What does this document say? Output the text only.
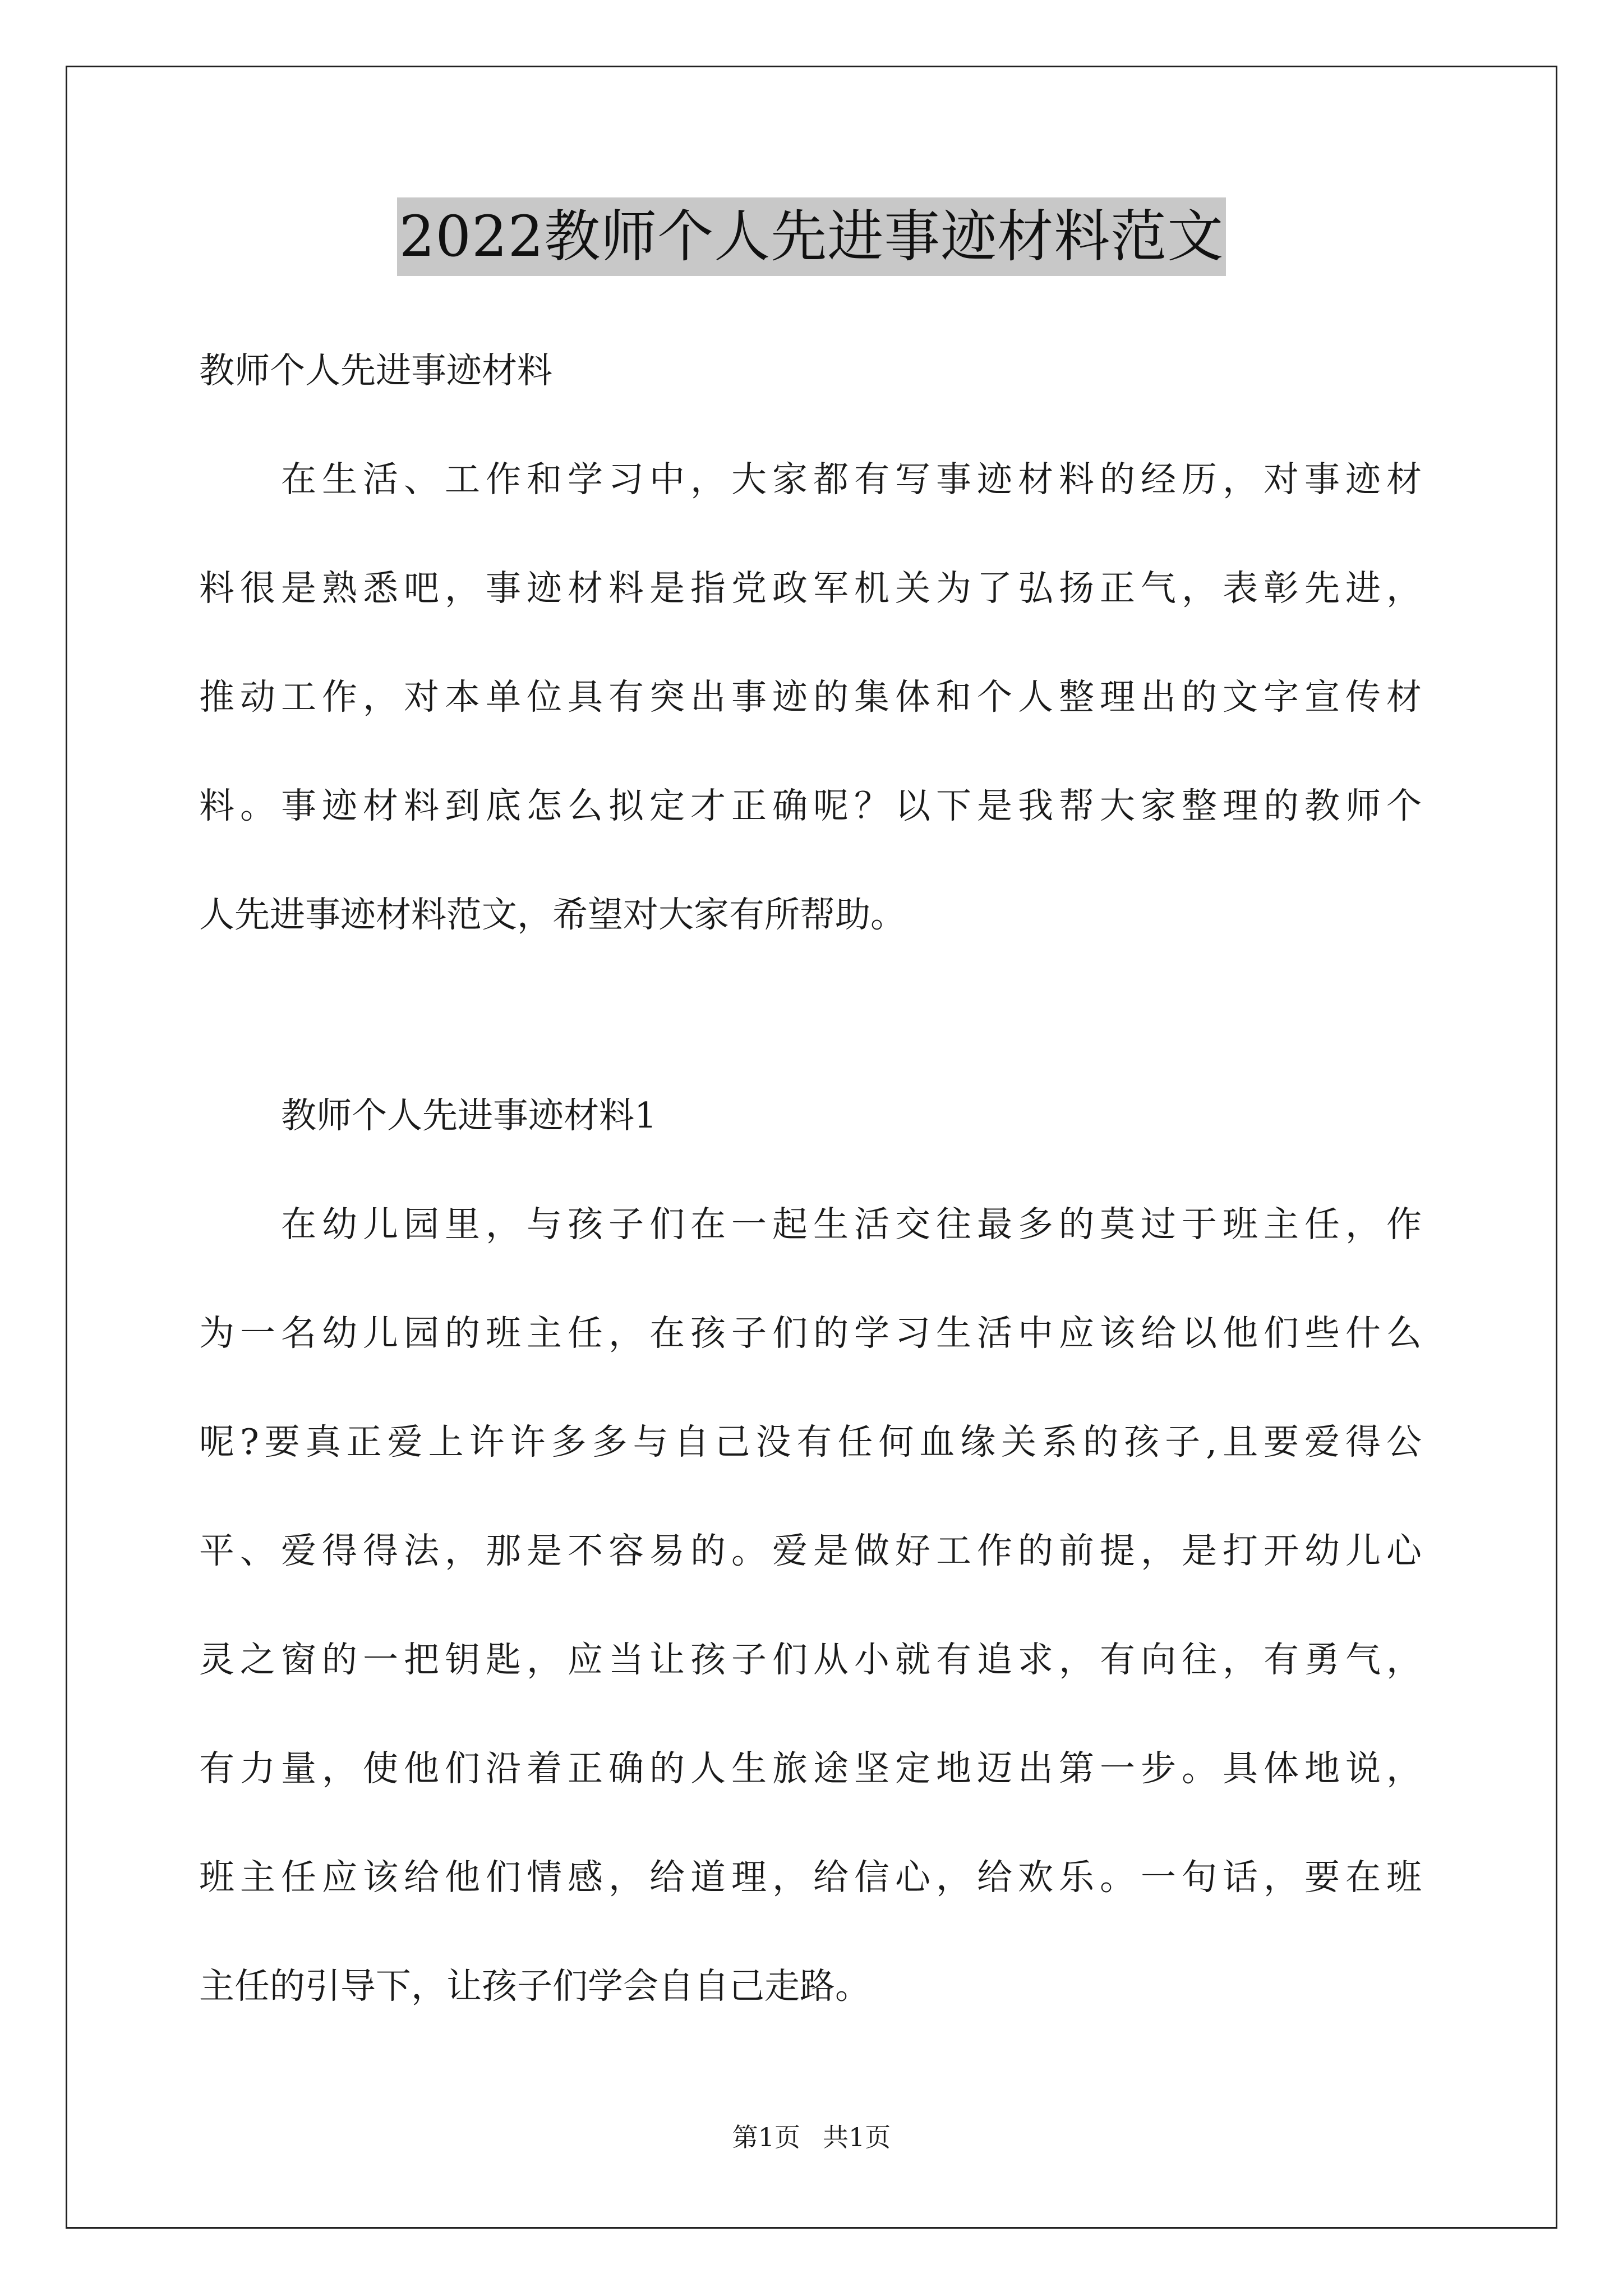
2022教师个人先进事迹材料范文
教师个人先进事迹材料
在生活、工作和学习中，大家都有写事迹材料的经历，对事迹材
料很是熟悉吧，事迹材料是指党政军机关为了弘扬正气，表彰先进，
推动工作，对本单位具有突出事迹的集体和个人整理出的文字宣传材
料。事迹材料到底怎么拟定才正确呢？以下是我帮大家整理的教师个
人先进事迹材料范文，希望对大家有所帮助。
教师个人先进事迹材料1
在幼儿园里，与孩子们在一起生活交往最多的莫过于班主任，作
为一名幼儿园的班主任，在孩子们的学习生活中应该给以他们些什么
呢?要真正爱上许许多多与自己没有任何血缘关系的孩子,且要爱得公
平、爱得得法，那是不容易的。爱是做好工作的前提，是打开幼儿心
灵之窗的一把钥匙，应当让孩子们从小就有追求，有向往，有勇气，
有力量，使他们沿着正确的人生旅途坚定地迈出第一步。具体地说，
班主任应该给他们情感，给道理，给信心，给欢乐。一句话，要在班
主任的引导下，让孩子们学会自自己走路。
第1页 共1页
